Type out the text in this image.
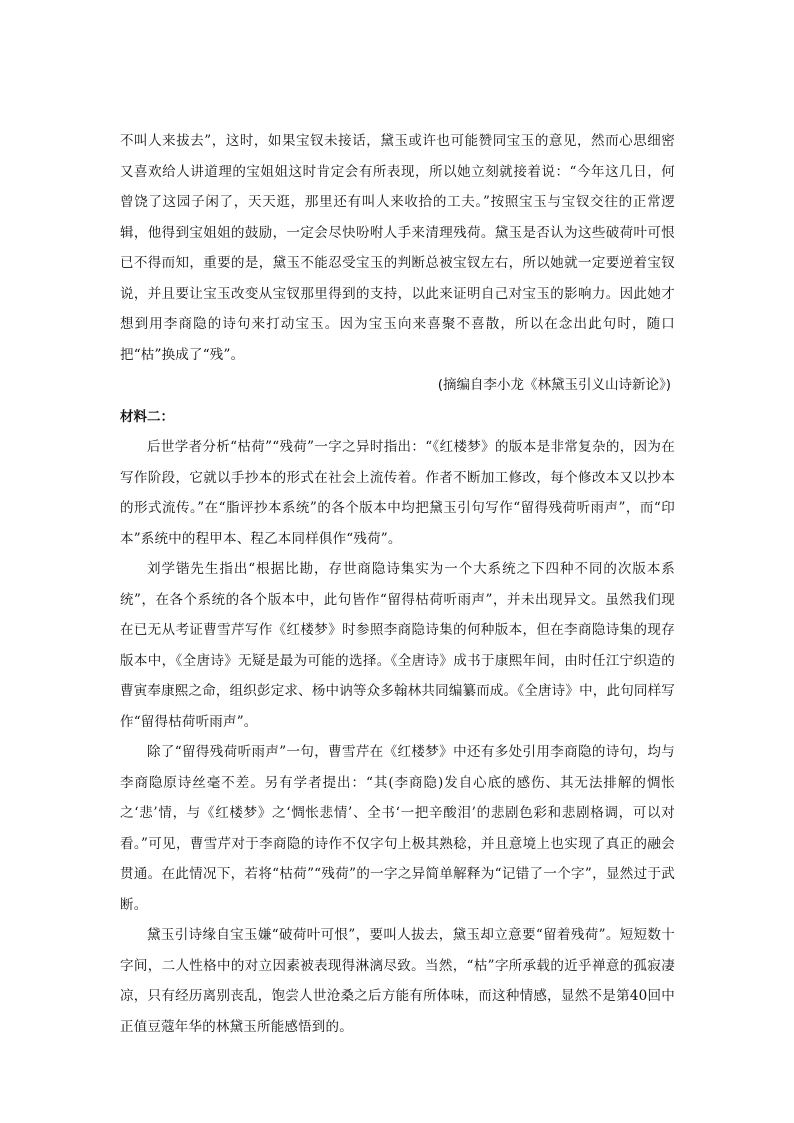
不叫人来拔去”，这时，如果宝钗未接话，黛玉或许也可能赞同宝玉的意见，然而心思细密又喜欢给人讲道理的宝姐姐这时肯定会有所表现，所以她立刻就接着说：“今年这几日，何曾饶了这园子闲了，天天逛，那里还有叫人来收拾的工夫。”按照宝玉与宝钗交往的正常逻辑，他得到宝姐姐的鼓励，一定会尽快吩咐人手来清理残荷。黛玉是否认为这些破荷叶可恨已不得而知，重要的是，黛玉不能忍受宝玉的判断总被宝钗左右，所以她就一定要逆着宝钗说，并且要让宝玉改变从宝钗那里得到的支持，以此来证明自己对宝玉的影响力。因此她才想到用李商隐的诗句来打动宝玉。因为宝玉向来喜聚不喜散，所以在念出此句时，随口把“枯”换成了“残”。

(摘编自李小龙《林黛玉引义山诗新论》)

材料二：

后世学者分析“枯荷”“残荷”一字之异时指出：“《红楼梦》的版本是非常复杂的，因为在写作阶段，它就以手抄本的形式在社会上流传着。作者不断加工修改，每个修改本又以抄本的形式流传。”在“脂评抄本系统”的各个版本中均把黛玉引句写作“留得残荷听雨声”，而“印本”系统中的程甲本、程乙本同样俱作“残荷”。

刘学锴先生指出“根据比勘，存世商隐诗集实为一个大系统之下四种不同的次版本系统”，在各个系统的各个版本中，此句皆作“留得枯荷听雨声”，并未出现异文。虽然我们现在已无从考证曹雪芹写作《红楼梦》时参照李商隐诗集的何种版本，但在李商隐诗集的现存版本中，《全唐诗》无疑是最为可能的选择。《全唐诗》成书于康熙年间，由时任江宁织造的曹寅奉康熙之命，组织彭定求、杨中讷等众多翰林共同编纂而成。《全唐诗》中，此句同样写作“留得枯荷听雨声”。

除了“留得残荷听雨声”一句，曹雪芹在《红楼梦》中还有多处引用李商隐的诗句，均与李商隐原诗丝毫不差。另有学者提出：“其(李商隐)发自心底的感伤、其无法排解的惆怅之‘悲’情，与《红楼梦》之‘惆怅悲情’、全书‘一把辛酸泪’的悲剧色彩和悲剧格调，可以对看。”可见，曹雪芹对于李商隐的诗作不仅字句上极其熟稔，并且意境上也实现了真正的融会贯通。在此情况下，若将“枯荷”“残荷”的一字之异简单解释为“记错了一个字”，显然过于武断。

黛玉引诗缘自宝玉嫌“破荷叶可恨”，要叫人拔去，黛玉却立意要“留着残荷”。短短数十字间，二人性格中的对立因素被表现得淋漓尽致。当然，“枯”字所承载的近乎禅意的孤寂凄凉，只有经历离别丧乱，饱尝人世沧桑之后方能有所体味，而这种情感，显然不是第40回中正值豆蔻年华的林黛玉所能感悟到的。
